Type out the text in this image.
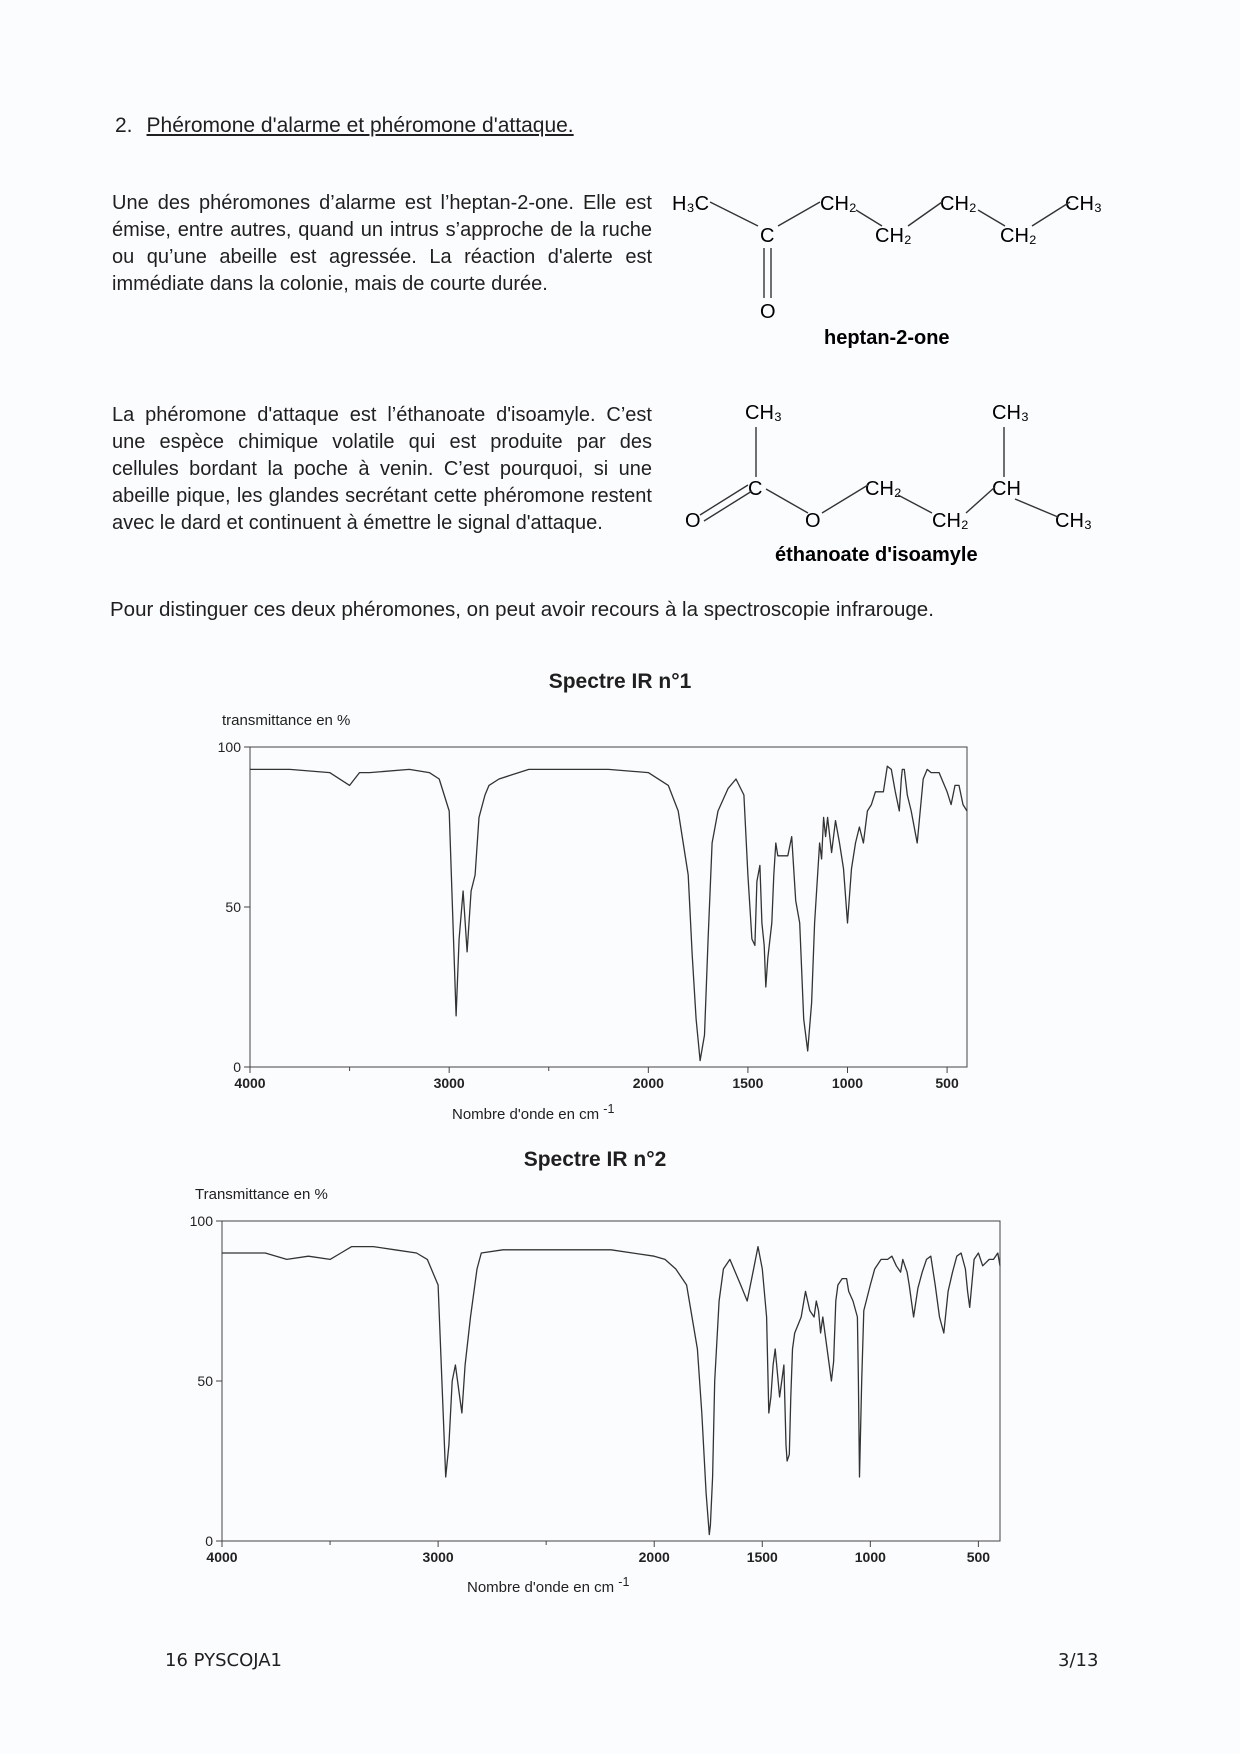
2. Phéromone d'alarme et phéromone d'attaque.
Une des phéromones d’alarme est l’heptan-2-one. Elle est émise, entre autres, quand un intrus s’approche de la ruche ou qu’une abeille est agressée. La réaction d'alerte est immédiate dans la colonie, mais de courte durée.
H₃C
C
O
CH₂
CH₂
CH₂
CH₂
CH₃
heptan-2-one
La phéromone d'attaque est l’éthanoate d'isoamyle. C’est une espèce chimique volatile qui est produite par des cellules bordant la poche à venin. C’est pourquoi, si une abeille pique, les glandes secrétant cette phéromone restent avec le dard et continuent à émettre le signal d'attaque.
CH₃
C
O	O
CH₂
CH₂
CH
CH₃
CH₃
éthanoate d'isoamyle
Pour distinguer ces deux phéromones, on peut avoir recours à la spectroscopie infrarouge.
Spectre IR n°1
transmittance en %
4000	3000	2000	1500	1000	500
0
50
100
Nombre d'onde en cm $^{-1}$
Spectre IR n°2
Transmittance en %
4000	3000	2000	1500	1000	500
0
50
100
Nombre d'onde en cm $^{-1}$
16 PYSCOJA1	3/13
